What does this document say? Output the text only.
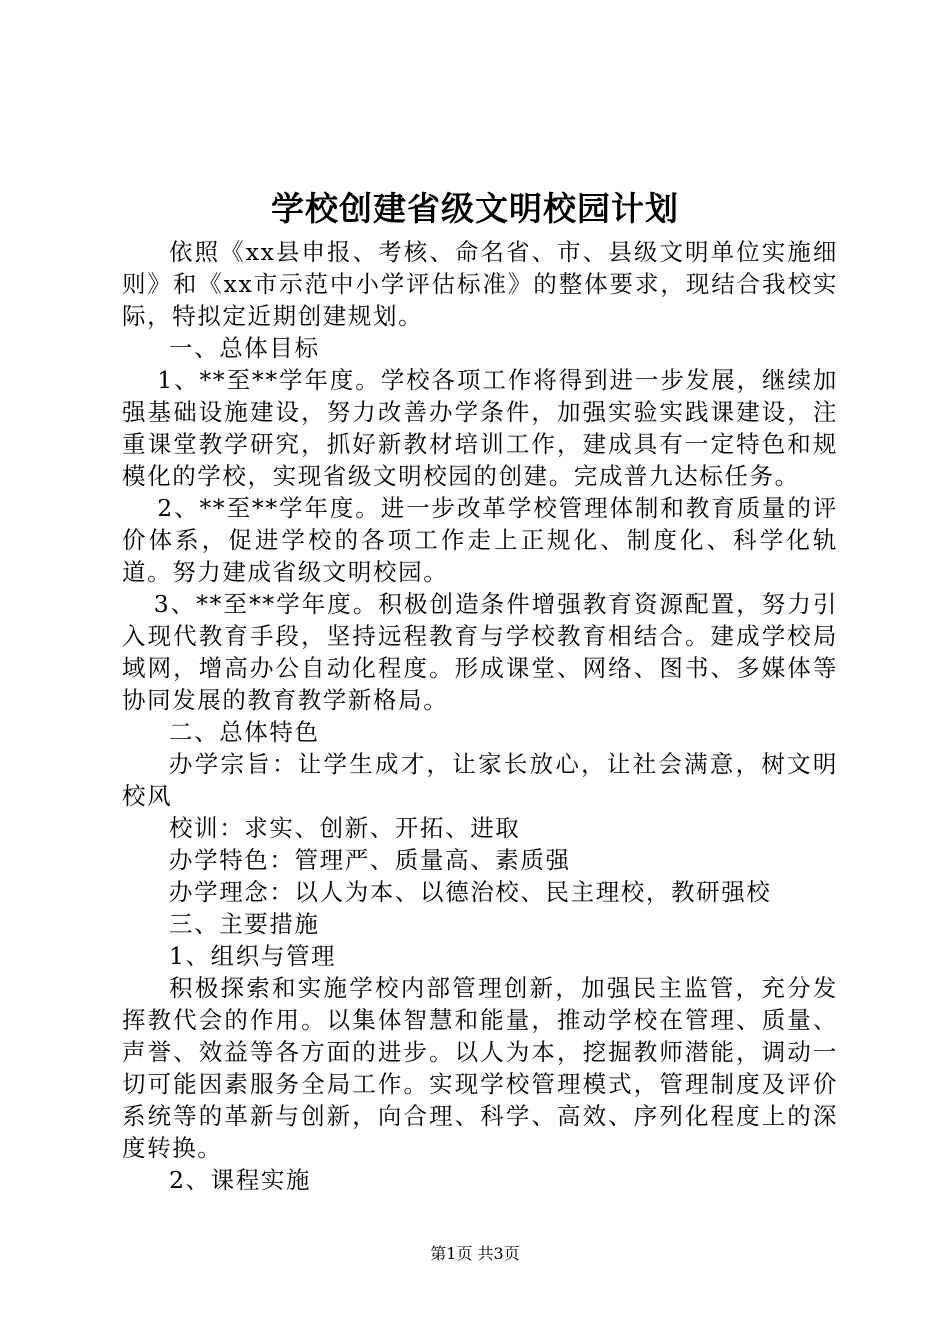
学校创建省级文明校园计划

依照《xx县申报、考核、命名省、市、县级文明单位实施细则》和《xx市示范中小学评估标准》的整体要求，现结合我校实际，特拟定近期创建规划。

一、总体目标

1、**至**学年度。学校各项工作将得到进一步发展，继续加强基础设施建设，努力改善办学条件，加强实验实践课建设，注重课堂教学研究，抓好新教材培训工作，建成具有一定特色和规模化的学校，实现省级文明校园的创建。完成普九达标任务。

2、**至**学年度。进一步改革学校管理体制和教育质量的评价体系，促进学校的各项工作走上正规化、制度化、科学化轨道。努力建成省级文明校园。

3、**至**学年度。积极创造条件增强教育资源配置，努力引入现代教育手段，坚持远程教育与学校教育相结合。建成学校局域网，增高办公自动化程度。形成课堂、网络、图书、多媒体等协同发展的教育教学新格局。

二、总体特色

办学宗旨：让学生成才，让家长放心，让社会满意，树文明校风

校训：求实、创新、开拓、进取

办学特色：管理严、质量高、素质强

办学理念：以人为本、以德治校、民主理校，教研强校

三、主要措施

1、组织与管理

积极探索和实施学校内部管理创新，加强民主监管，充分发挥教代会的作用。以集体智慧和能量，推动学校在管理、质量、声誉、效益等各方面的进步。以人为本，挖掘教师潜能，调动一切可能因素服务全局工作。实现学校管理模式，管理制度及评价系统等的革新与创新，向合理、科学、高效、序列化程度上的深度转换。

2、课程实施

第1页 共3页
